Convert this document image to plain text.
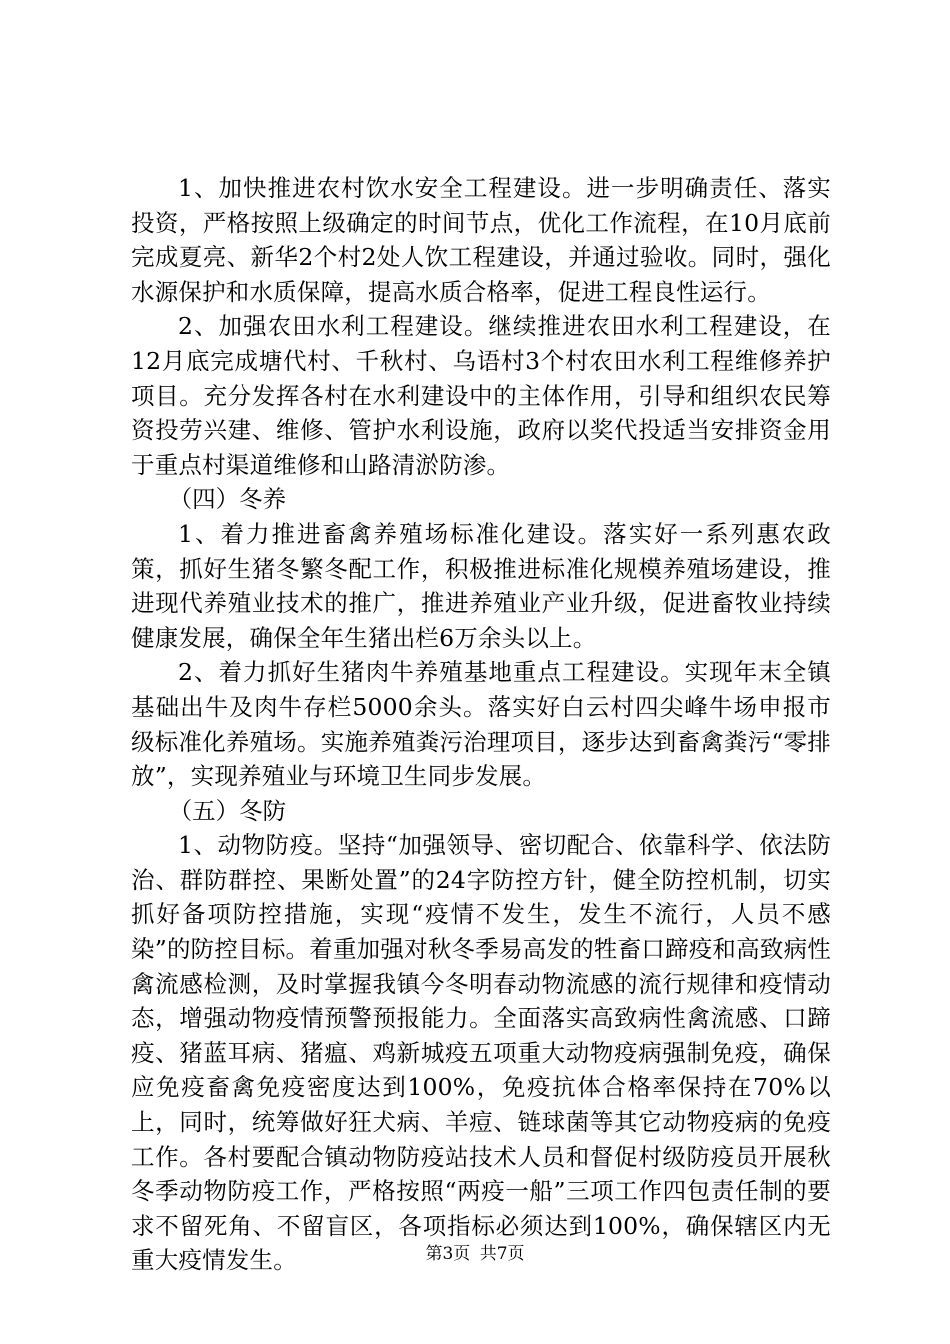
1、加快推进农村饮水安全工程建设。进一步明确责任、落实投资，严格按照上级确定的时间节点，优化工作流程，在10月底前完成夏亮、新华2个村2处人饮工程建设，并通过验收。同时，强化水源保护和水质保障，提高水质合格率，促进工程良性运行。

2、加强农田水利工程建设。继续推进农田水利工程建设，在12月底完成塘代村、千秋村、乌语村3个村农田水利工程维修养护项目。充分发挥各村在水利建设中的主体作用，引导和组织农民筹资投劳兴建、维修、管护水利设施，政府以奖代投适当安排资金用于重点村渠道维修和山路清淤防渗。

（四）冬养

1、着力推进畜禽养殖场标准化建设。落实好一系列惠农政策，抓好生猪冬繁冬配工作，积极推进标准化规模养殖场建设，推进现代养殖业技术的推广，推进养殖业产业升级，促进畜牧业持续健康发展，确保全年生猪出栏6万余头以上。

2、着力抓好生猪肉牛养殖基地重点工程建设。实现年末全镇基础出牛及肉牛存栏5000余头。落实好白云村四尖峰牛场申报市级标准化养殖场。实施养殖粪污治理项目，逐步达到畜禽粪污“零排放”，实现养殖业与环境卫生同步发展。

（五）冬防

1、动物防疫。坚持“加强领导、密切配合、依靠科学、依法防治、群防群控、果断处置”的24字防控方针，健全防控机制，切实抓好备项防控措施，实现“疫情不发生，发生不流行，人员不感染”的防控目标。着重加强对秋冬季易高发的牲畜口蹄疫和高致病性禽流感检测，及时掌握我镇今冬明春动物流感的流行规律和疫情动态，增强动物疫情预警预报能力。全面落实高致病性禽流感、口蹄疫、猪蓝耳病、猪瘟、鸡新城疫五项重大动物疫病强制免疫，确保应免疫畜禽免疫密度达到100%，免疫抗体合格率保持在70%以上，同时，统筹做好狂犬病、羊痘、链球菌等其它动物疫病的免疫工作。各村要配合镇动物防疫站技术人员和督促村级防疫员开展秋冬季动物防疫工作，严格按照“两疫一船”三项工作四包责任制的要求不留死角、不留盲区，各项指标必须达到100%，确保辖区内无重大疫情发生。	第3页 共7页
